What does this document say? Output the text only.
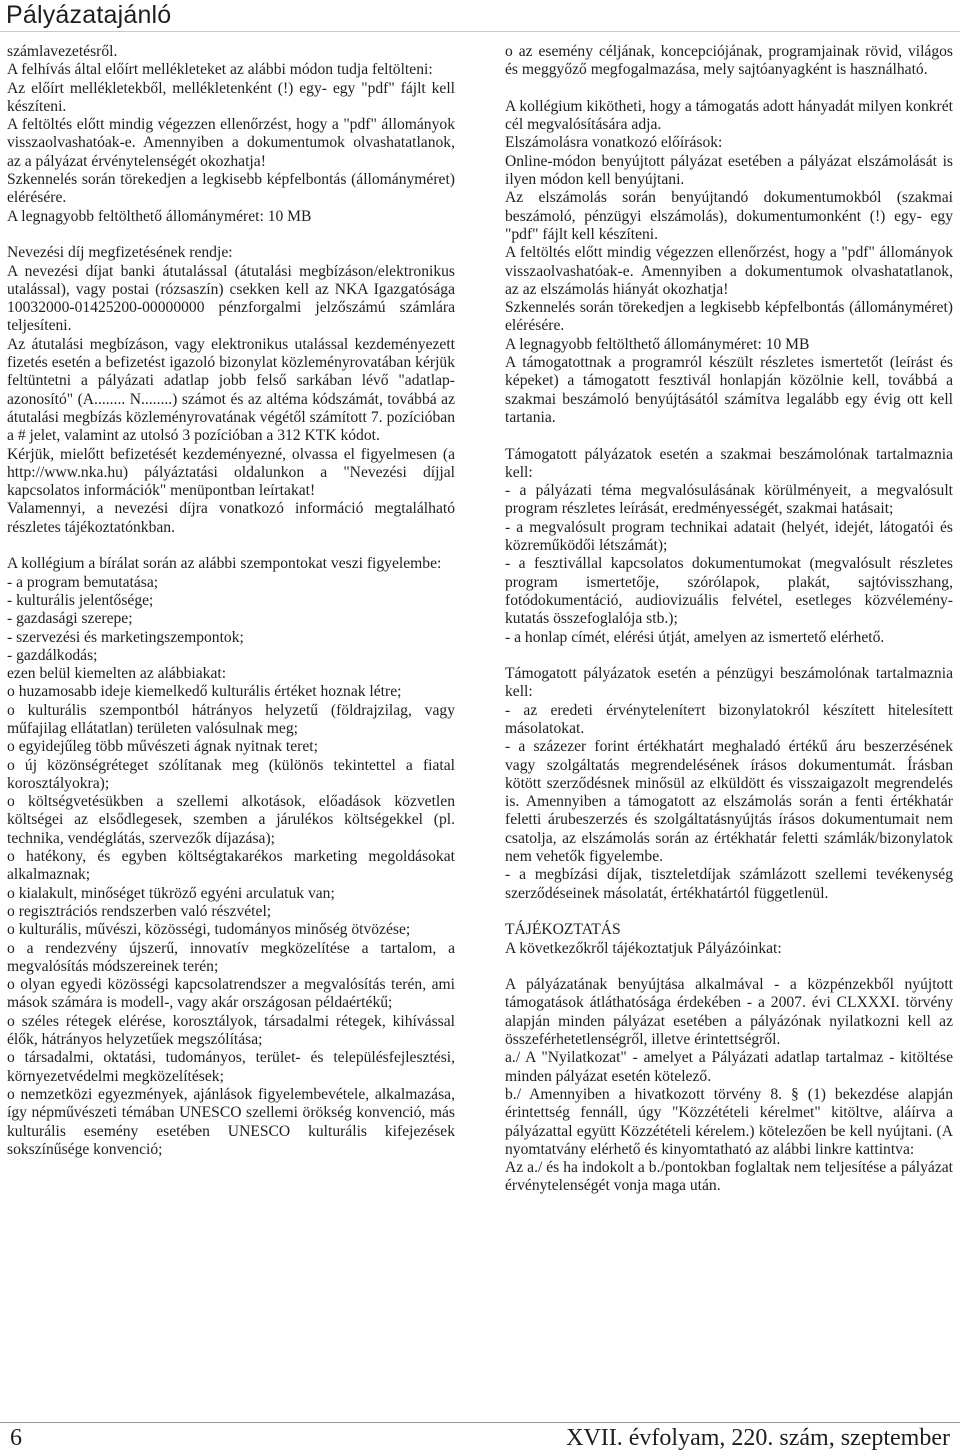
Pályázatajánló
számlavezetésről.
A felhívás által előírt mellékleteket az alábbi módon tudja feltölteni:
Az előírt mellékletekből, mellékletenként (!) egy- egy "pdf" fájlt kell készíteni.
A feltöltés előtt mindig végezzen ellenőrzést, hogy a "pdf" állományok visszaolvashatóak-e. Amennyiben a dokumentumok olvashatatlanok, az a pályázat érvénytelenségét okozhatja!
Szkennelés során törekedjen a legkisebb képfelbontás (állományméret) elérésére.
A legnagyobb feltölthető állományméret: 10 MB
Nevezési díj megfizetésének rendje:
A nevezési díjat banki átutalással (átutalási megbízáson/elektronikus utalással), vagy postai (rózsaszín) csekken kell az NKA Igazgatósága 10032000-01425200-00000000 pénzforgalmi jelzőszámú számlára teljesíteni.
Az átutalási megbízáson, vagy elektronikus utalással kezdeményezett fizetés esetén a befizetést igazoló bizonylat közleményrovatában kérjük feltüntetni a pályázati adatlap jobb felső sarkában lévő "adatlap-azonosító" (A........ N........) számot és az altéma kódszámát, továbbá az átutalási megbízás közleményrovatának végétől számított 7. pozícióban a # jelet, valamint az utolsó 3 pozícióban a 312 KTK kódot.
Kérjük, mielőtt befizetését kezdeményezné, olvassa el figyelmesen (a http://www.nka.hu) pályáztatási oldalunkon a "Nevezési díjjal kapcsolatos információk" menüpontban leírtakat!
Valamennyi, a nevezési díjra vonatkozó információ megtalálható részletes tájékoztatónkban.
A kollégium a bírálat során az alábbi szempontokat veszi figyelembe:
- a program bemutatása;
- kulturális jelentősége;
- gazdasági szerepe;
- szervezési és marketingszempontok;
- gazdálkodás;
ezen belül kiemelten az alábbiakat:
o huzamosabb ideje kiemelkedő kulturális értéket hoznak létre;
o kulturális szempontból hátrányos helyzetű (földrajzilag, vagy műfajilag ellátatlan) területen valósulnak meg;
o egyidejűleg több művészeti ágnak nyitnak teret;
o új közönségréteget szólítanak meg (különös tekintettel a fiatal korosztályokra);
o költségvetésükben a szellemi alkotások, előadások közvetlen költségei az elsődlegesek, szemben a járulékos költségekkel (pl. technika, vendéglátás, szervezők díjazása);
o hatékony, és egyben költségtakarékos marketing megoldásokat alkalmaznak;
o kialakult, minőséget tükröző egyéni arculatuk van;
o regisztrációs rendszerben való részvétel;
o kulturális, művészi, közösségi, tudományos minőség ötvözése;
o a rendezvény újszerű, innovatív megközelítése a tartalom, a megvalósítás módszereinek terén;
o olyan egyedi közösségi kapcsolatrendszer a megvalósítás terén, ami mások számára is modell-, vagy akár országosan példaértékű;
o széles rétegek elérése, korosztályok, társadalmi rétegek, kihívással élők, hátrányos helyzetűek megszólítása;
o társadalmi, oktatási, tudományos, terület- és településfejlesztési, környezetvédelmi megközelítések;
o nemzetközi egyezmények, ajánlások figyelembevétele, alkalmazása, így népművészeti témában UNESCO szellemi örökség konvenció, más kulturális esemény esetében UNESCO kulturális kifejezések sokszínűsége konvenció;
o az esemény céljának, koncepciójának, programjainak rövid, világos és meggyőző megfogalmazása, mely sajtóanyagként is használható.
A kollégium kikötheti, hogy a támogatás adott hányadát milyen konkrét cél megvalósítására adja.
Elszámolásra vonatkozó előírások:
Online-módon benyújtott pályázat esetében a pályázat elszámolását is ilyen módon kell benyújtani.
Az elszámolás során benyújtandó dokumentumokból (szakmai beszámoló, pénzügyi elszámolás), dokumentumonként (!) egy- egy "pdf" fájlt kell készíteni.
A feltöltés előtt mindig végezzen ellenőrzést, hogy a "pdf" állományok visszaolvashatóak-e. Amennyiben a dokumentumok olvashatatlanok, az az elszámolás hiányát okozhatja!
Szkennelés során törekedjen a legkisebb képfelbontás (állományméret) elérésére.
A legnagyobb feltölthető állományméret: 10 MB
A támogatottnak a programról készült részletes ismertetőt (leírást és képeket) a támogatott fesztivál honlapján közölnie kell, továbbá a szakmai beszámoló benyújtásától számítva legalább egy évig ott kell tartania.
Támogatott pályázatok esetén a szakmai beszámolónak tartalmaznia kell:
- a pályázati téma megvalósulásának körülményeit, a megvalósult program részletes leírását, eredményességét, szakmai hatásait;
- a megvalósult program technikai adatait (helyét, idejét, látogatói és közreműködői létszámát);
- a fesztivállal kapcsolatos dokumentumokat (megvalósult részletes program ismertetője, szórólapok, plakát, sajtóvisszhang, fotódokumentáció, audiovizuális felvétel, esetleges közvélemény-kutatás összefoglalója stb.);
- a honlap címét, elérési útját, amelyen az ismertető elérhető.
Támogatott pályázatok esetén a pénzügyi beszámolónak tartalmaznia kell:
- az eredeti érvényteleníteтt bizonylatokról készített hitelesített másolatokat.
- a százezer forint értékhatárt meghaladó értékű áru beszerzésének vagy szolgáltatás megrendelésének írásos dokumentumát. Írásban kötött szerződésnek minősül az elküldött és visszaigazolt megrendelés is. Amennyiben a támogatott az elszámolás során a fenti értékhatár feletti árubeszerzés és szolgáltatásnyújtás írásos dokumentumait nem csatolja, az elszámolás során az értékhatár feletti számlák/bizonylatok nem vehetők figyelembe.
- a megbízási díjak, tiszteletdíjak számlázott szellemi tevékenység szerződéseinek másolatát, értékhatártól függetlenül.
TÁJÉKOZTATÁS
A következőkről tájékoztatjuk Pályázóinkat:
A pályázatának benyújtása alkalmával - a közpénzekből nyújtott támogatások átláthatósága érdekében - a 2007. évi CLXXXI. törvény alapján minden pályázat esetében a pályázónak nyilatkozni kell az összeférhetetlenségről, illetve érintettségről.
a./ A "Nyilatkozat" - amelyet a Pályázati adatlap tartalmaz - kitöltése minden pályázat esetén kötelező.
b./ Amennyiben a hivatkozott törvény 8. § (1) bekezdése alapján érintettség fennáll, úgy "Közzétételi kérelmet" kitöltve, aláírva a pályázattal együtt Közzétételi kérelem.) kötelezően be kell nyújtani. (A nyomtatvány elérhető és kinyomtatható az alábbi linkre kattintva:
Az a./ és ha indokolt a b./pontokban foglaltak nem teljesítése a pályázat érvénytelenségét vonja maga után.
6	XVII. évfolyam, 220. szám, szeptember
